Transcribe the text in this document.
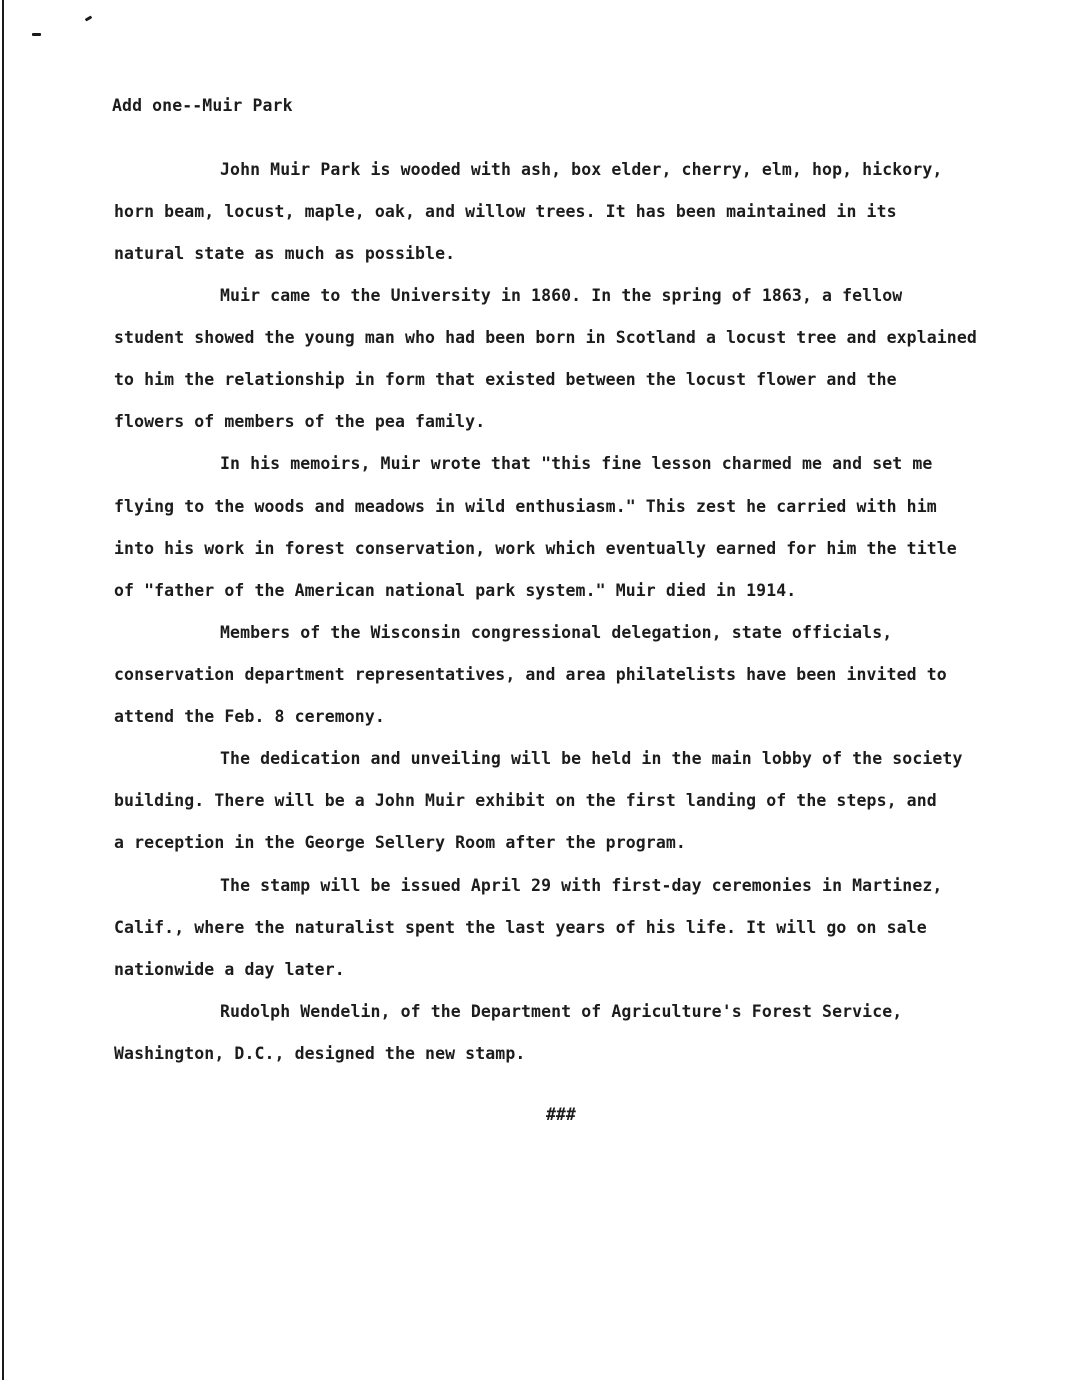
Add one--Muir Park
John Muir Park is wooded with ash, box elder, cherry, elm, hop, hickory,
horn beam, locust, maple, oak, and willow trees. It has been maintained in its
natural state as much as possible.
Muir came to the University in 1860. In the spring of 1863, a fellow
student showed the young man who had been born in Scotland a locust tree and explained
to him the relationship in form that existed between the locust flower and the
flowers of members of the pea family.
In his memoirs, Muir wrote that "this fine lesson charmed me and set me
flying to the woods and meadows in wild enthusiasm." This zest he carried with him
into his work in forest conservation, work which eventually earned for him the title
of "father of the American national park system." Muir died in 1914.
Members of the Wisconsin congressional delegation, state officials,
conservation department representatives, and area philatelists have been invited to
attend the Feb. 8 ceremony.
The dedication and unveiling will be held in the main lobby of the society
building. There will be a John Muir exhibit on the first landing of the steps, and
a reception in the George Sellery Room after the program.
The stamp will be issued April 29 with first-day ceremonies in Martinez,
Calif., where the naturalist spent the last years of his life. It will go on sale
nationwide a day later.
Rudolph Wendelin, of the Department of Agriculture's Forest Service,
Washington, D.C., designed the new stamp.
###
